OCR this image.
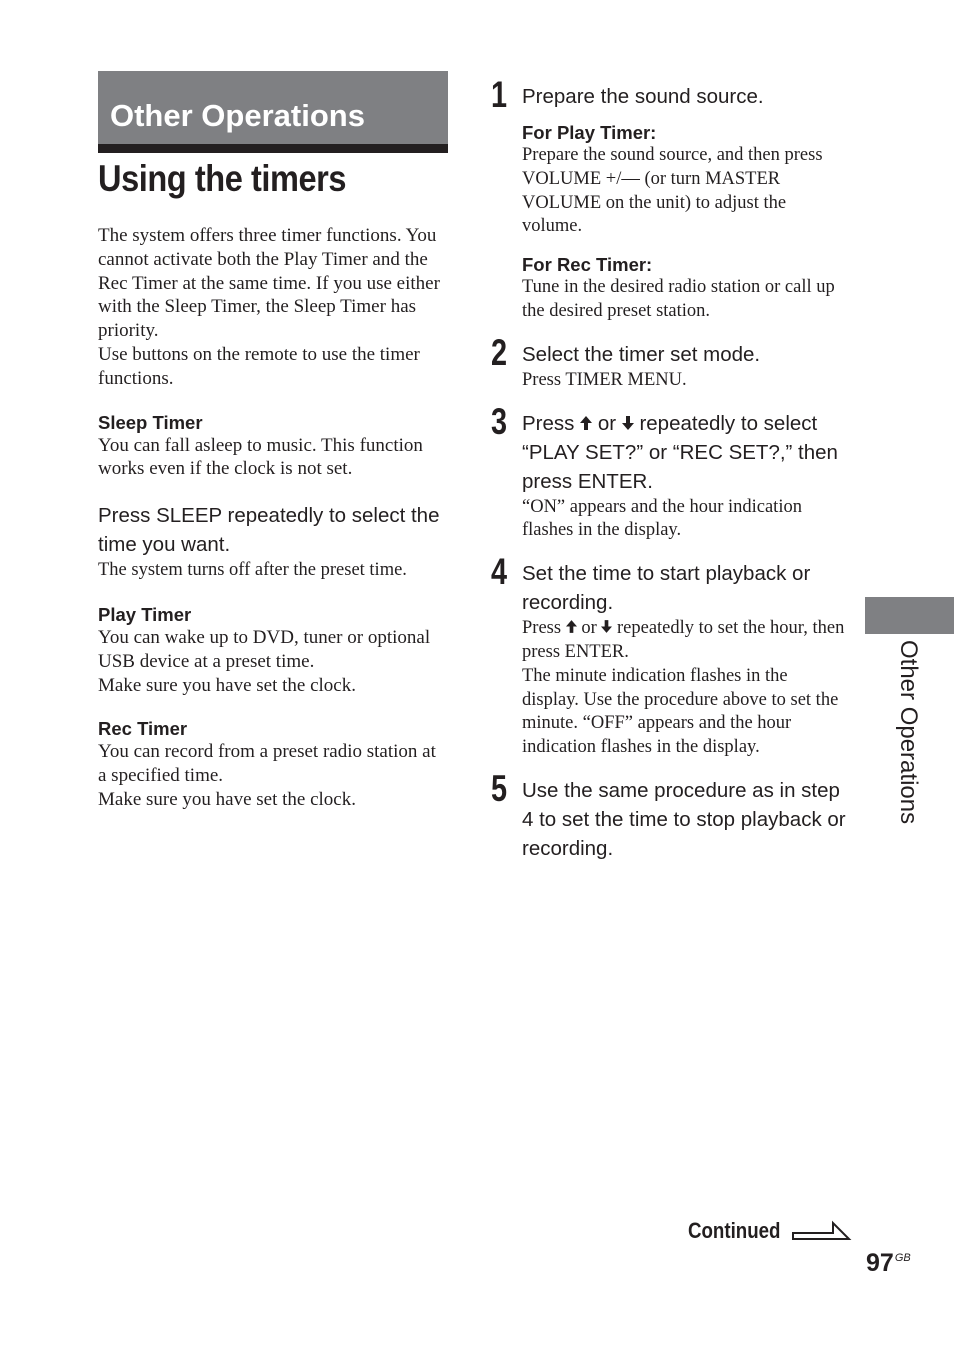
Other Operations
Using the timers

The system offers three timer functions. You cannot activate both the Play Timer and the Rec Timer at the same time. If you use either with the Sleep Timer, the Sleep Timer has priority.

Use buttons on the remote to use the timer functions.

Sleep Timer

You can fall asleep to music. This function works even if the clock is not set.

Press SLEEP repeatedly to select the time you want.

The system turns off after the preset time.

Play Timer

You can wake up to DVD, tuner or optional USB device at a preset time.

Make sure you have set the clock.

Rec Timer

You can record from a preset radio station at a specified time.

Make sure you have set the clock.

1 Prepare the sound source.

For Play Timer:

Prepare the sound source, and then press VOLUME +/— (or turn MASTER VOLUME on the unit) to adjust the volume.

For Rec Timer:

Tune in the desired radio station or call up the desired preset station.

2 Select the timer set mode.

Press TIMER MENU.

3 Press or repeatedly to select “PLAY SET?” or “REC SET?,” then press ENTER.

“ON” appears and the hour indication flashes in the display.

4 Set the time to start playback or recording.

Press or repeatedly to set the hour, then press ENTER.

The minute indication flashes in the display. Use the procedure above to set the minute. “OFF” appears and the hour indication flashes in the display.

5 Use the same procedure as in step 4 to set the time to stop playback or recording.

Other Operations
Continued
$97^{GB}$
